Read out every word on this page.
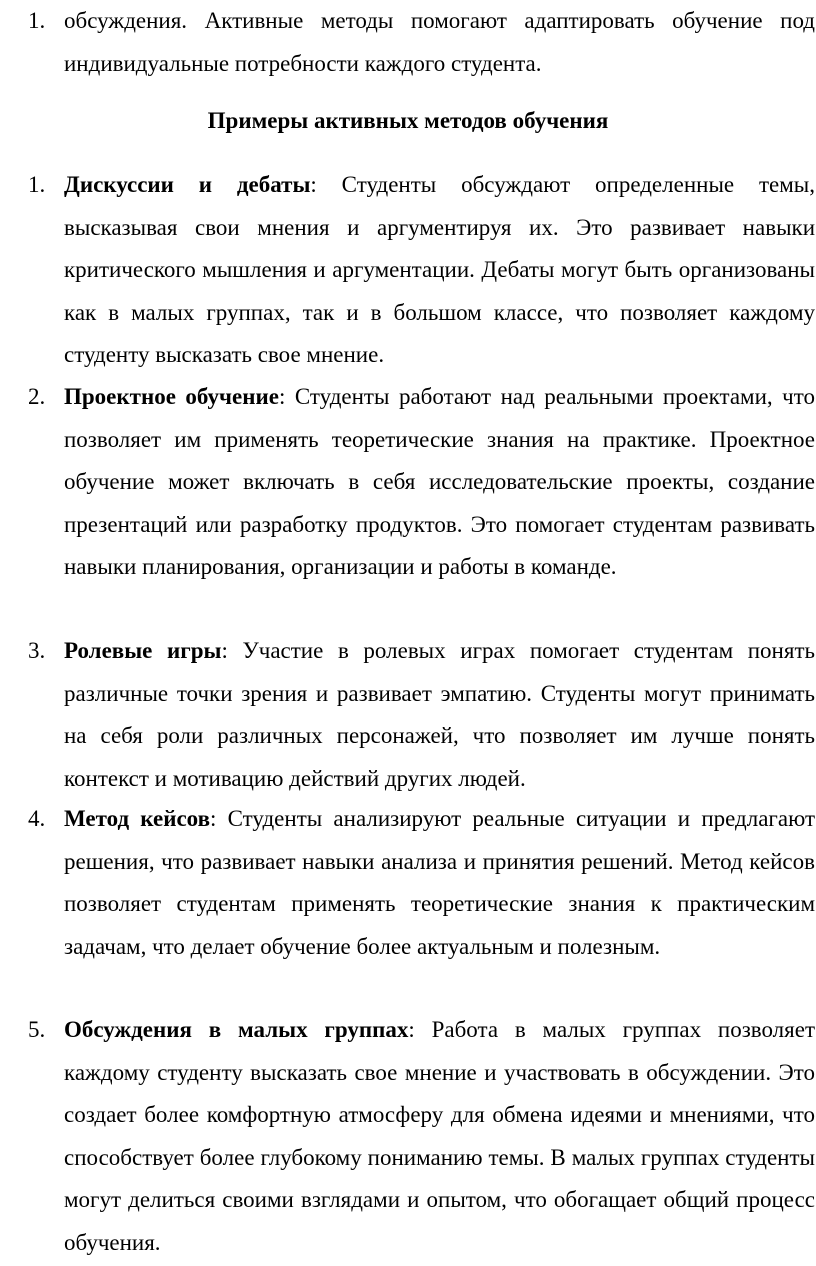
1. обсуждения. Активные методы помогают адаптировать обучение под индивидуальные потребности каждого студента.
Примеры активных методов обучения
1. Дискуссии и дебаты: Студенты обсуждают определенные темы, высказывая свои мнения и аргументируя их. Это развивает навыки критического мышления и аргументации. Дебаты могут быть организованы как в малых группах, так и в большом классе, что позволяет каждому студенту высказать свое мнение.
2. Проектное обучение: Студенты работают над реальными проектами, что позволяет им применять теоретические знания на практике. Проектное обучение может включать в себя исследовательские проекты, создание презентаций или разработку продуктов. Это помогает студентам развивать навыки планирования, организации и работы в команде.
3. Ролевые игры: Участие в ролевых играх помогает студентам понять различные точки зрения и развивает эмпатию. Студенты могут принимать на себя роли различных персонажей, что позволяет им лучше понять контекст и мотивацию действий других людей.
4. Метод кейсов: Студенты анализируют реальные ситуации и предлагают решения, что развивает навыки анализа и принятия решений. Метод кейсов позволяет студентам применять теоретические знания к практическим задачам, что делает обучение более актуальным и полезным.
5. Обсуждения в малых группах: Работа в малых группах позволяет каждому студенту высказать свое мнение и участвовать в обсуждении. Это создает более комфортную атмосферу для обмена идеями и мнениями, что способствует более глубокому пониманию темы. В малых группах студенты могут делиться своими взглядами и опытом, что обогащает общий процесс обучения.
